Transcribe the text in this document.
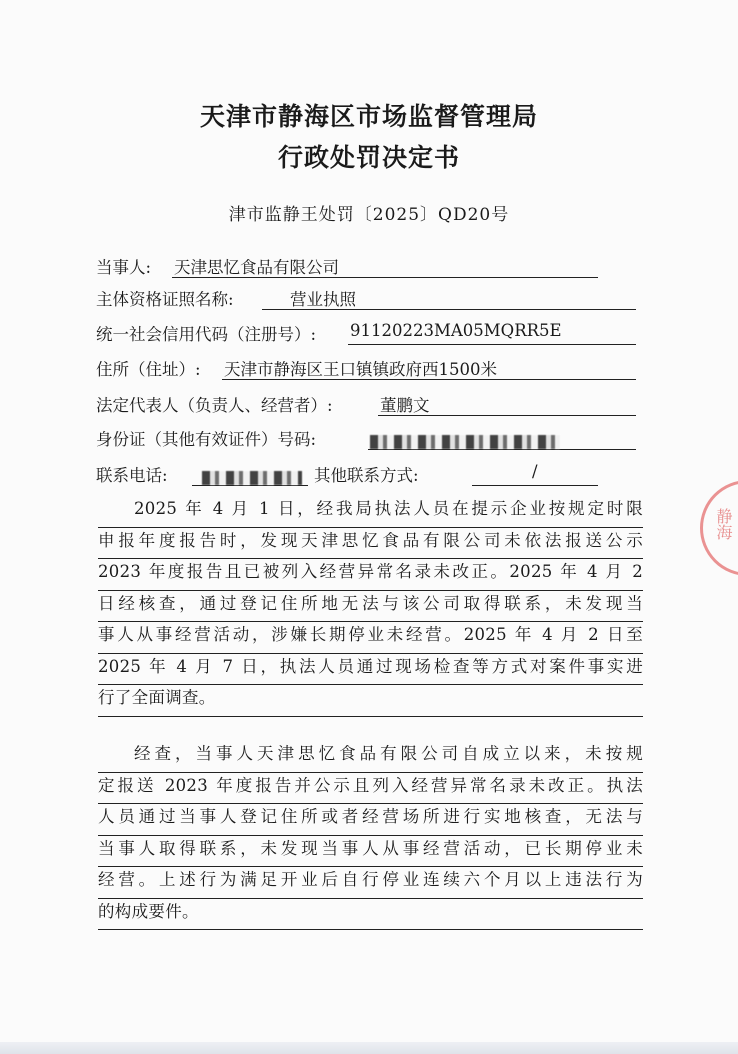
天津市静海区市场监督管理局
行政处罚决定书
津市监静王处罚〔2025〕QD20号
当事人: 天津思忆食品有限公司
主体资格证照名称:	营业执照
统一社会信用代码（注册号）: 91120223MA05MQRR5E
住所（住址）: 天津市静海区王口镇镇政府西1500米
法定代表人（负责人、经营者）:	董鹏文
身份证（其他有效证件）号码:
联系电话:	其他联系方式:	/
2025 年 4 月 1 日，经我局执法人员在提示企业按规定时限
申报年度报告时，发现天津思忆食品有限公司未依法报送公示
2023 年度报告且已被列入经营异常名录未改正。2025 年 4 月 2
日经核查，通过登记住所地无法与该公司取得联系，未发现当
事人从事经营活动，涉嫌长期停业未经营。2025 年 4 月 2 日至
2025 年 4 月 7 日，执法人员通过现场检查等方式对案件事实进
行了全面调查。
经查，当事人天津思忆食品有限公司自成立以来，未按规
定报送 2023 年度报告并公示且列入经营异常名录未改正。执法
人员通过当事人登记住所或者经营场所进行实地核查，无法与
当事人取得联系，未发现当事人从事经营活动，已长期停业未
经营。上述行为满足开业后自行停业连续六个月以上违法行为
的构成要件。
静海
